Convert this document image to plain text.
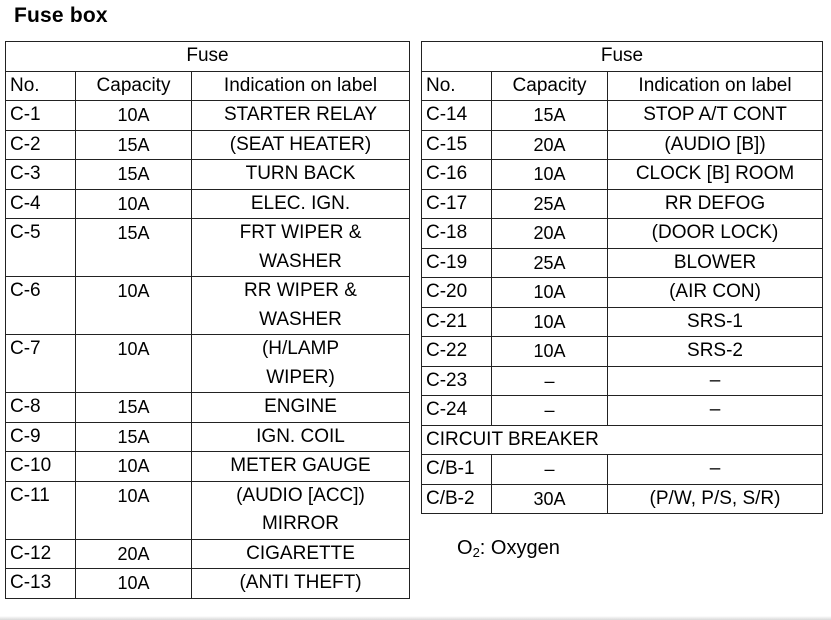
Fuse box
Fuse		
No.	Capacity	Indication on label
C-1	10A	STARTER RELAY
C-2	15A	(SEAT HEATER)
C-3	15A	TURN BACK
C-4	10A	ELEC. IGN.
C-5	15A	FRT WIPER &
		WASHER
C-6	10A	RR WIPER &
		WASHER
C-7	10A	(H/LAMP
		WIPER)
C-8	15A	ENGINE
C-9	15A	IGN. COIL
C-10	10A	METER GAUGE
C-11	10A	(AUDIO [ACC])
		MIRROR
C-12	20A	CIGARETTE
C-13	10A	(ANTI THEFT)
Fuse		
No.	Capacity	Indication on label
C-14	15A	STOP A/T CONT
C-15	20A	(AUDIO [B])
C-16	10A	CLOCK [B] ROOM
C-17	25A	RR DEFOG
C-18	20A	(DOOR LOCK)
C-19	25A	BLOWER
C-20	10A	(AIR CON)
C-21	10A	SRS-1
C-22	10A	SRS-2
C-23	–	–
C-24	–	–
CIRCUIT BREAKER		
C/B-1	–	–
C/B-2	30A	(P/W, P/S, S/R)
$O_2$: Oxygen
